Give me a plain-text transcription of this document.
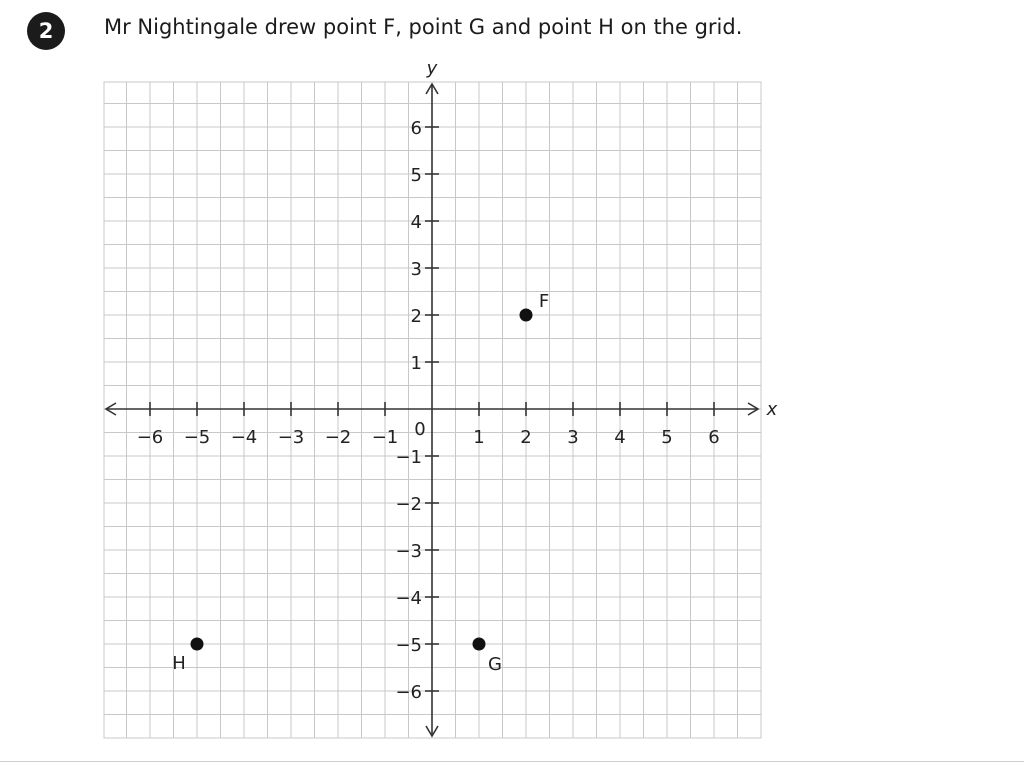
2 Mr Nightingale drew point F, point G and point H on the grid.
x
y
−6 −5 −4 −3 −2 −1	1 2 3 4 5 6
6
5
4
3
2
1
−1
−2
−3
−4
−5
−6
0
F
G
H
